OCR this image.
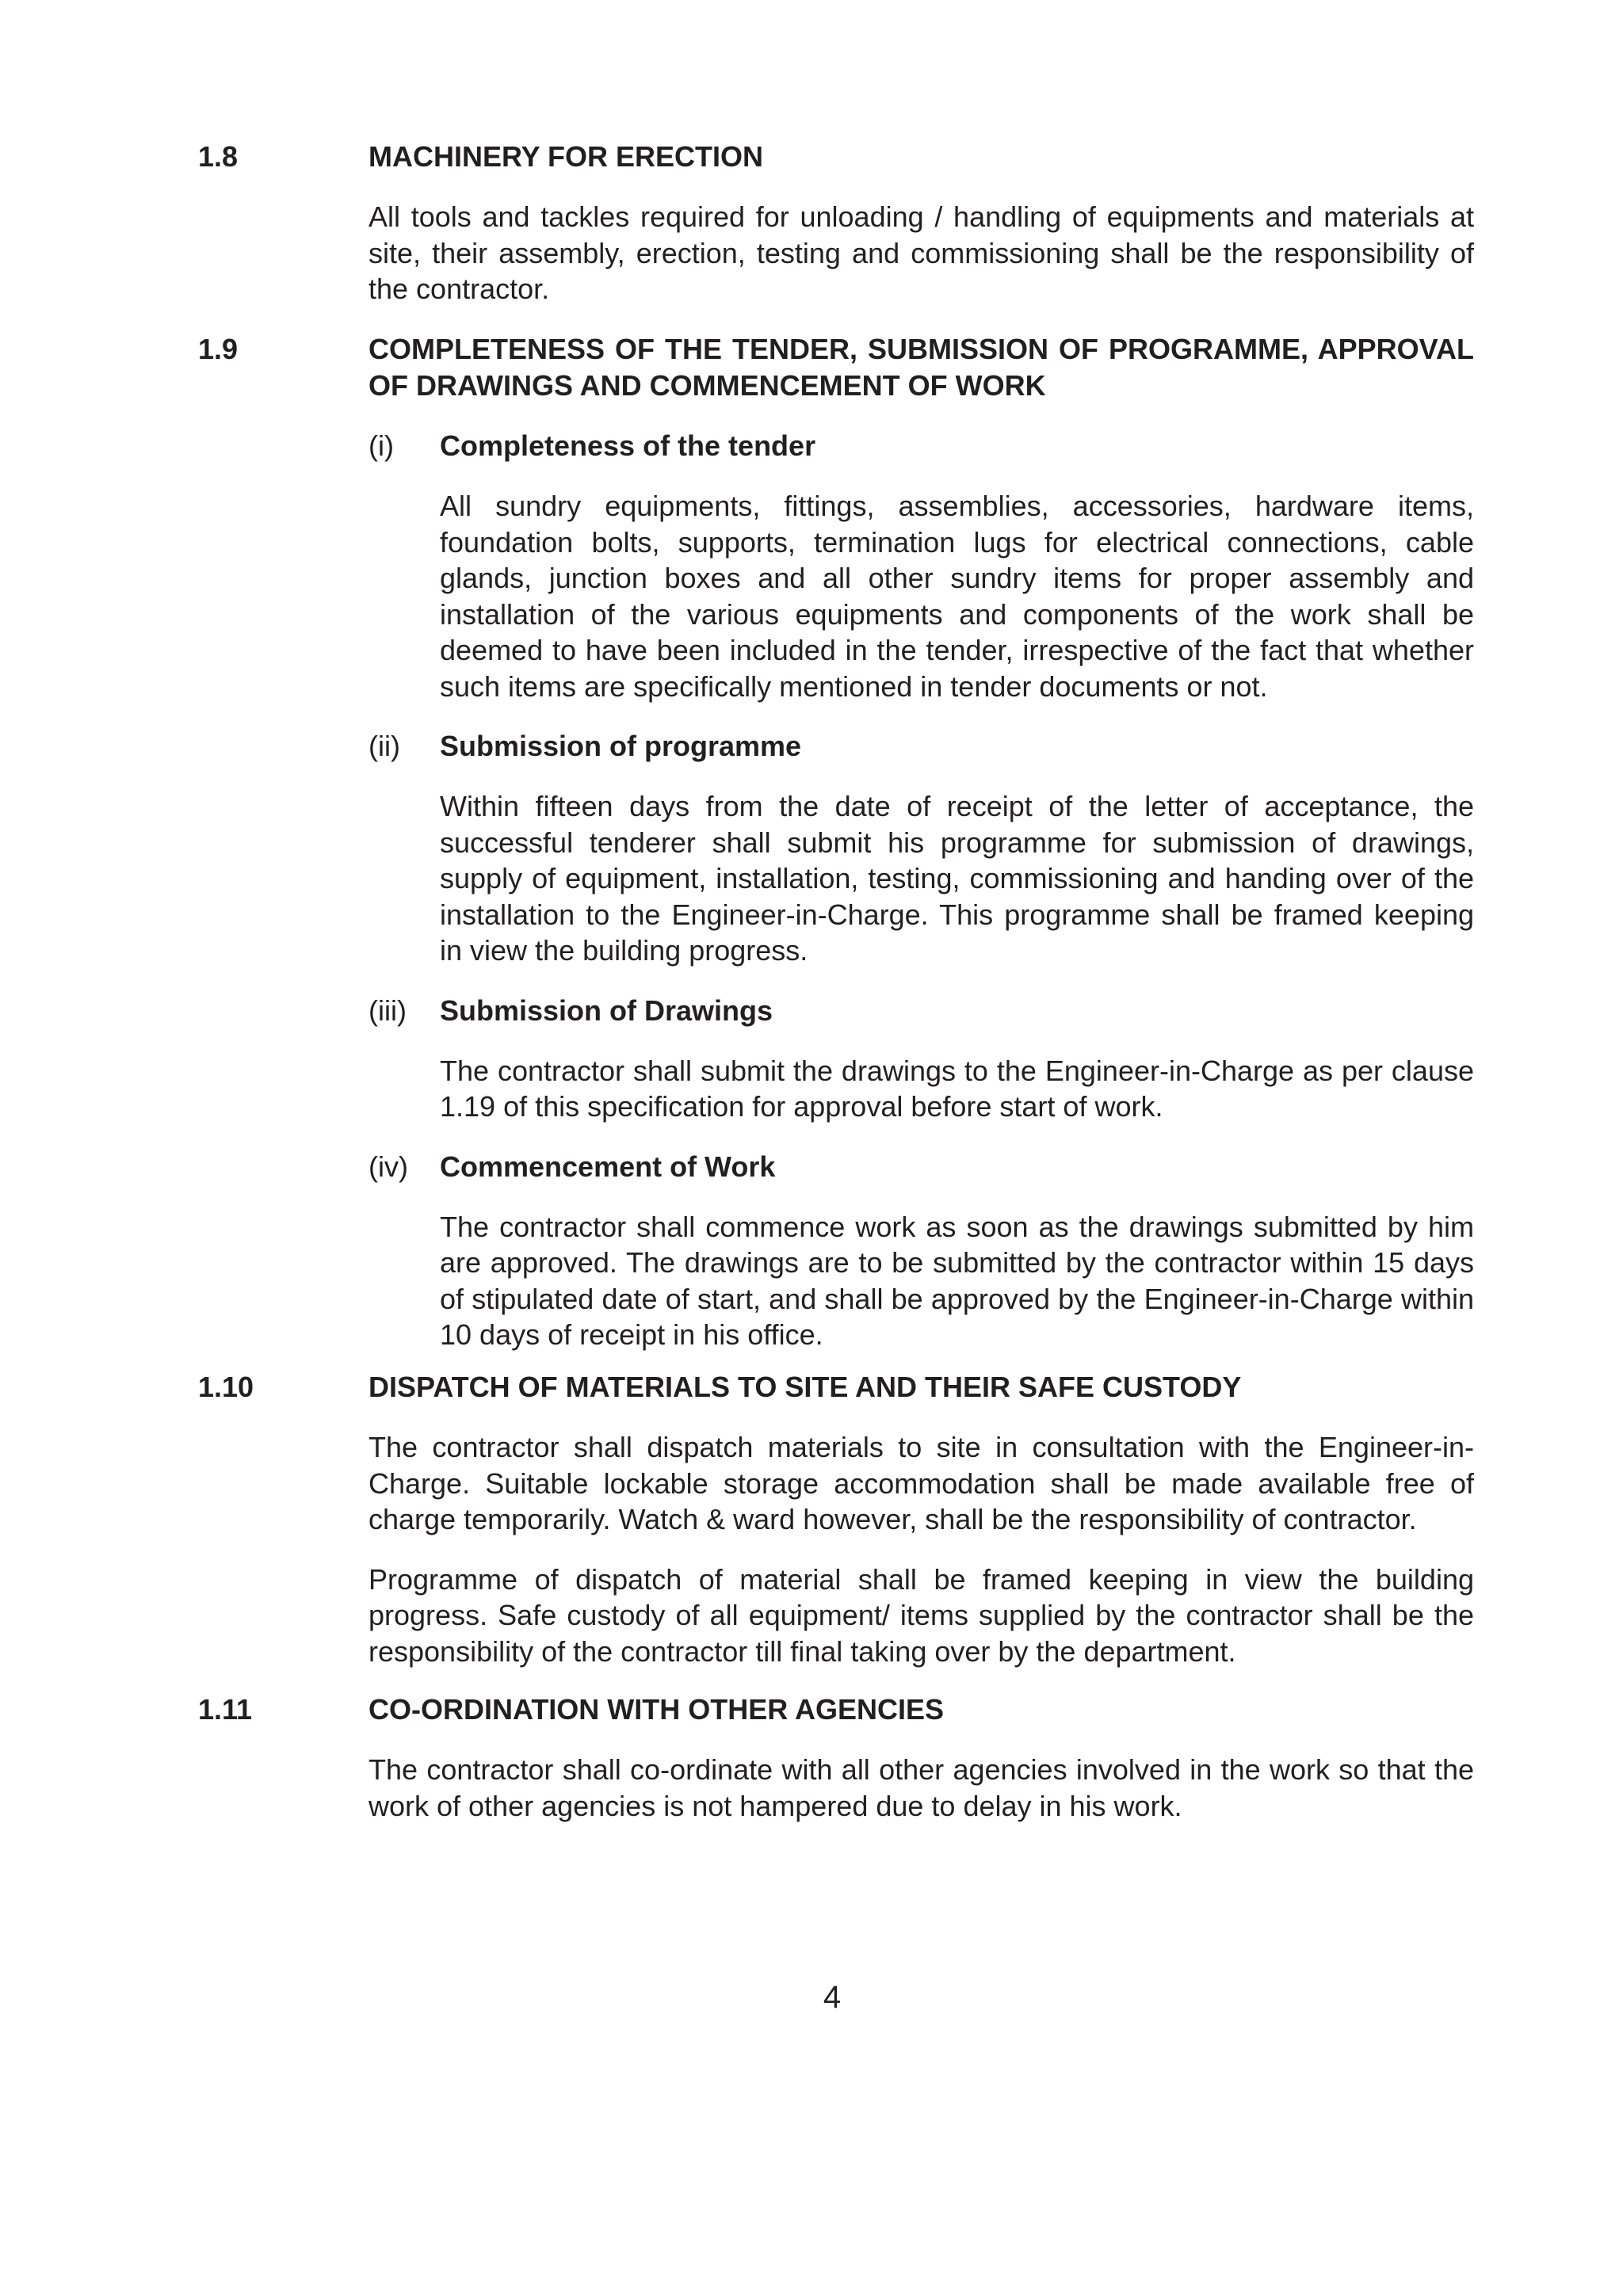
1.8	MACHINERY FOR ERECTION

All tools and tackles required for unloading / handling of equipments and materials at site, their assembly, erection, testing and commissioning shall be the responsibility of the contractor.

1.9	COMPLETENESS OF THE TENDER, SUBMISSION OF PROGRAMME, APPROVAL OF DRAWINGS AND COMMENCEMENT OF WORK
(i) Completeness of the tender

All sundry equipments, fittings, assemblies, accessories, hardware items, foundation bolts, supports, termination lugs for electrical connections, cable glands, junction boxes and all other sundry items for proper assembly and installation of the various equipments and components of the work shall be deemed to have been included in the tender, irrespective of the fact that whether such items are specifically mentioned in tender documents or not.

(ii) Submission of programme

Within fifteen days from the date of receipt of the letter of acceptance, the successful tenderer shall submit his programme for submission of drawings, supply of equipment, installation, testing, commissioning and handing over of the installation to the Engineer-in-Charge. This programme shall be framed keeping in view the building progress.

(iii) Submission of Drawings

The contractor shall submit the drawings to the Engineer-in-Charge as per clause 1.19 of this specification for approval before start of work.

(iv) Commencement of Work

The contractor shall commence work as soon as the drawings submitted by him are approved. The drawings are to be submitted by the contractor within 15 days of stipulated date of start, and shall be approved by the Engineer-in-Charge within 10 days of receipt in his office.

1.10	DISPATCH OF MATERIALS TO SITE AND THEIR SAFE CUSTODY

The contractor shall dispatch materials to site in consultation with the Engineer-in-Charge. Suitable lockable storage accommodation shall be made available free of charge temporarily. Watch & ward however, shall be the responsibility of contractor.

Programme of dispatch of material shall be framed keeping in view the building progress. Safe custody of all equipment/ items supplied by the contractor shall be the responsibility of the contractor till final taking over by the department.

1.11	CO-ORDINATION WITH OTHER AGENCIES

The contractor shall co-ordinate with all other agencies involved in the work so that the work of other agencies is not hampered due to delay in his work.

4
